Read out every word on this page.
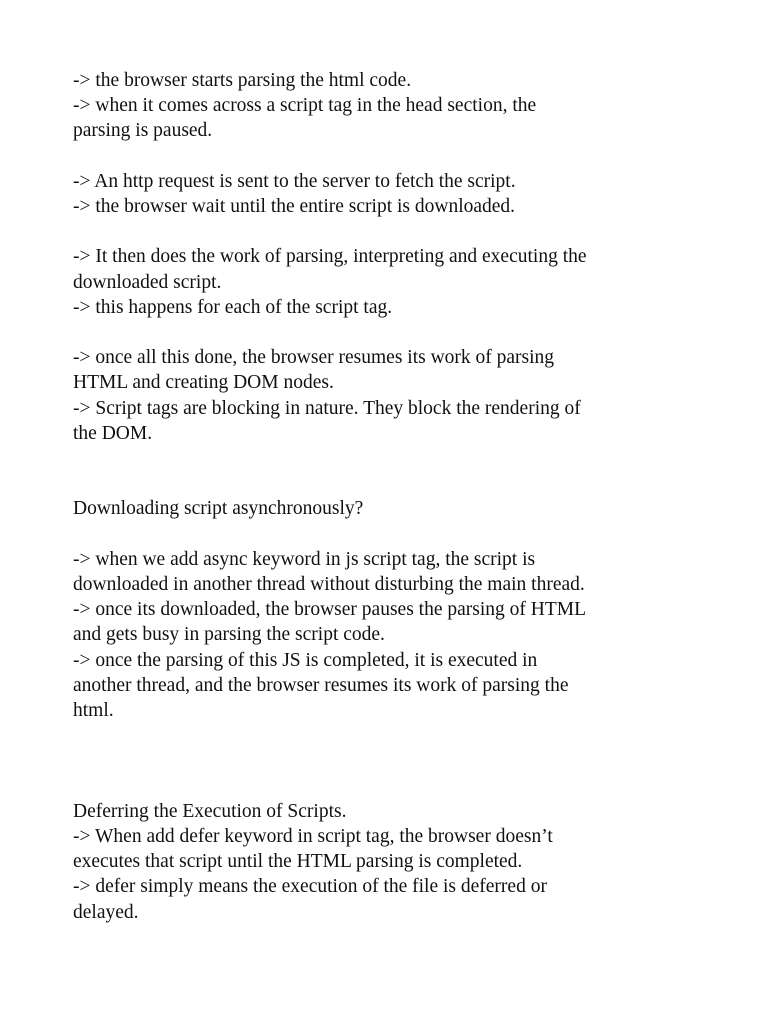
-> the browser starts parsing the html code.
-> when it comes across a script tag in the head section, the
parsing is paused.

-> An http request is sent to the server to fetch the script.
-> the browser wait until the entire script is downloaded.

-> It then does the work of parsing, interpreting and executing the
downloaded script.
-> this happens for each of the script tag.

-> once all this done, the browser resumes its work of parsing
HTML and creating DOM nodes.
-> Script tags are blocking in nature. They block the rendering of
the DOM.

Downloading script asynchronously?

-> when we add async keyword in js script tag, the script is
downloaded in another thread without disturbing the main thread.
-> once its downloaded, the browser pauses the parsing of HTML
and gets busy in parsing the script code.
-> once the parsing of this JS is completed, it is executed in
another thread, and the browser resumes its work of parsing the
html.

Deferring the Execution of Scripts.
-> When add defer keyword in script tag, the browser doesn’t
executes that script until the HTML parsing is completed.
-> defer simply means the execution of the file is deferred or
delayed.
